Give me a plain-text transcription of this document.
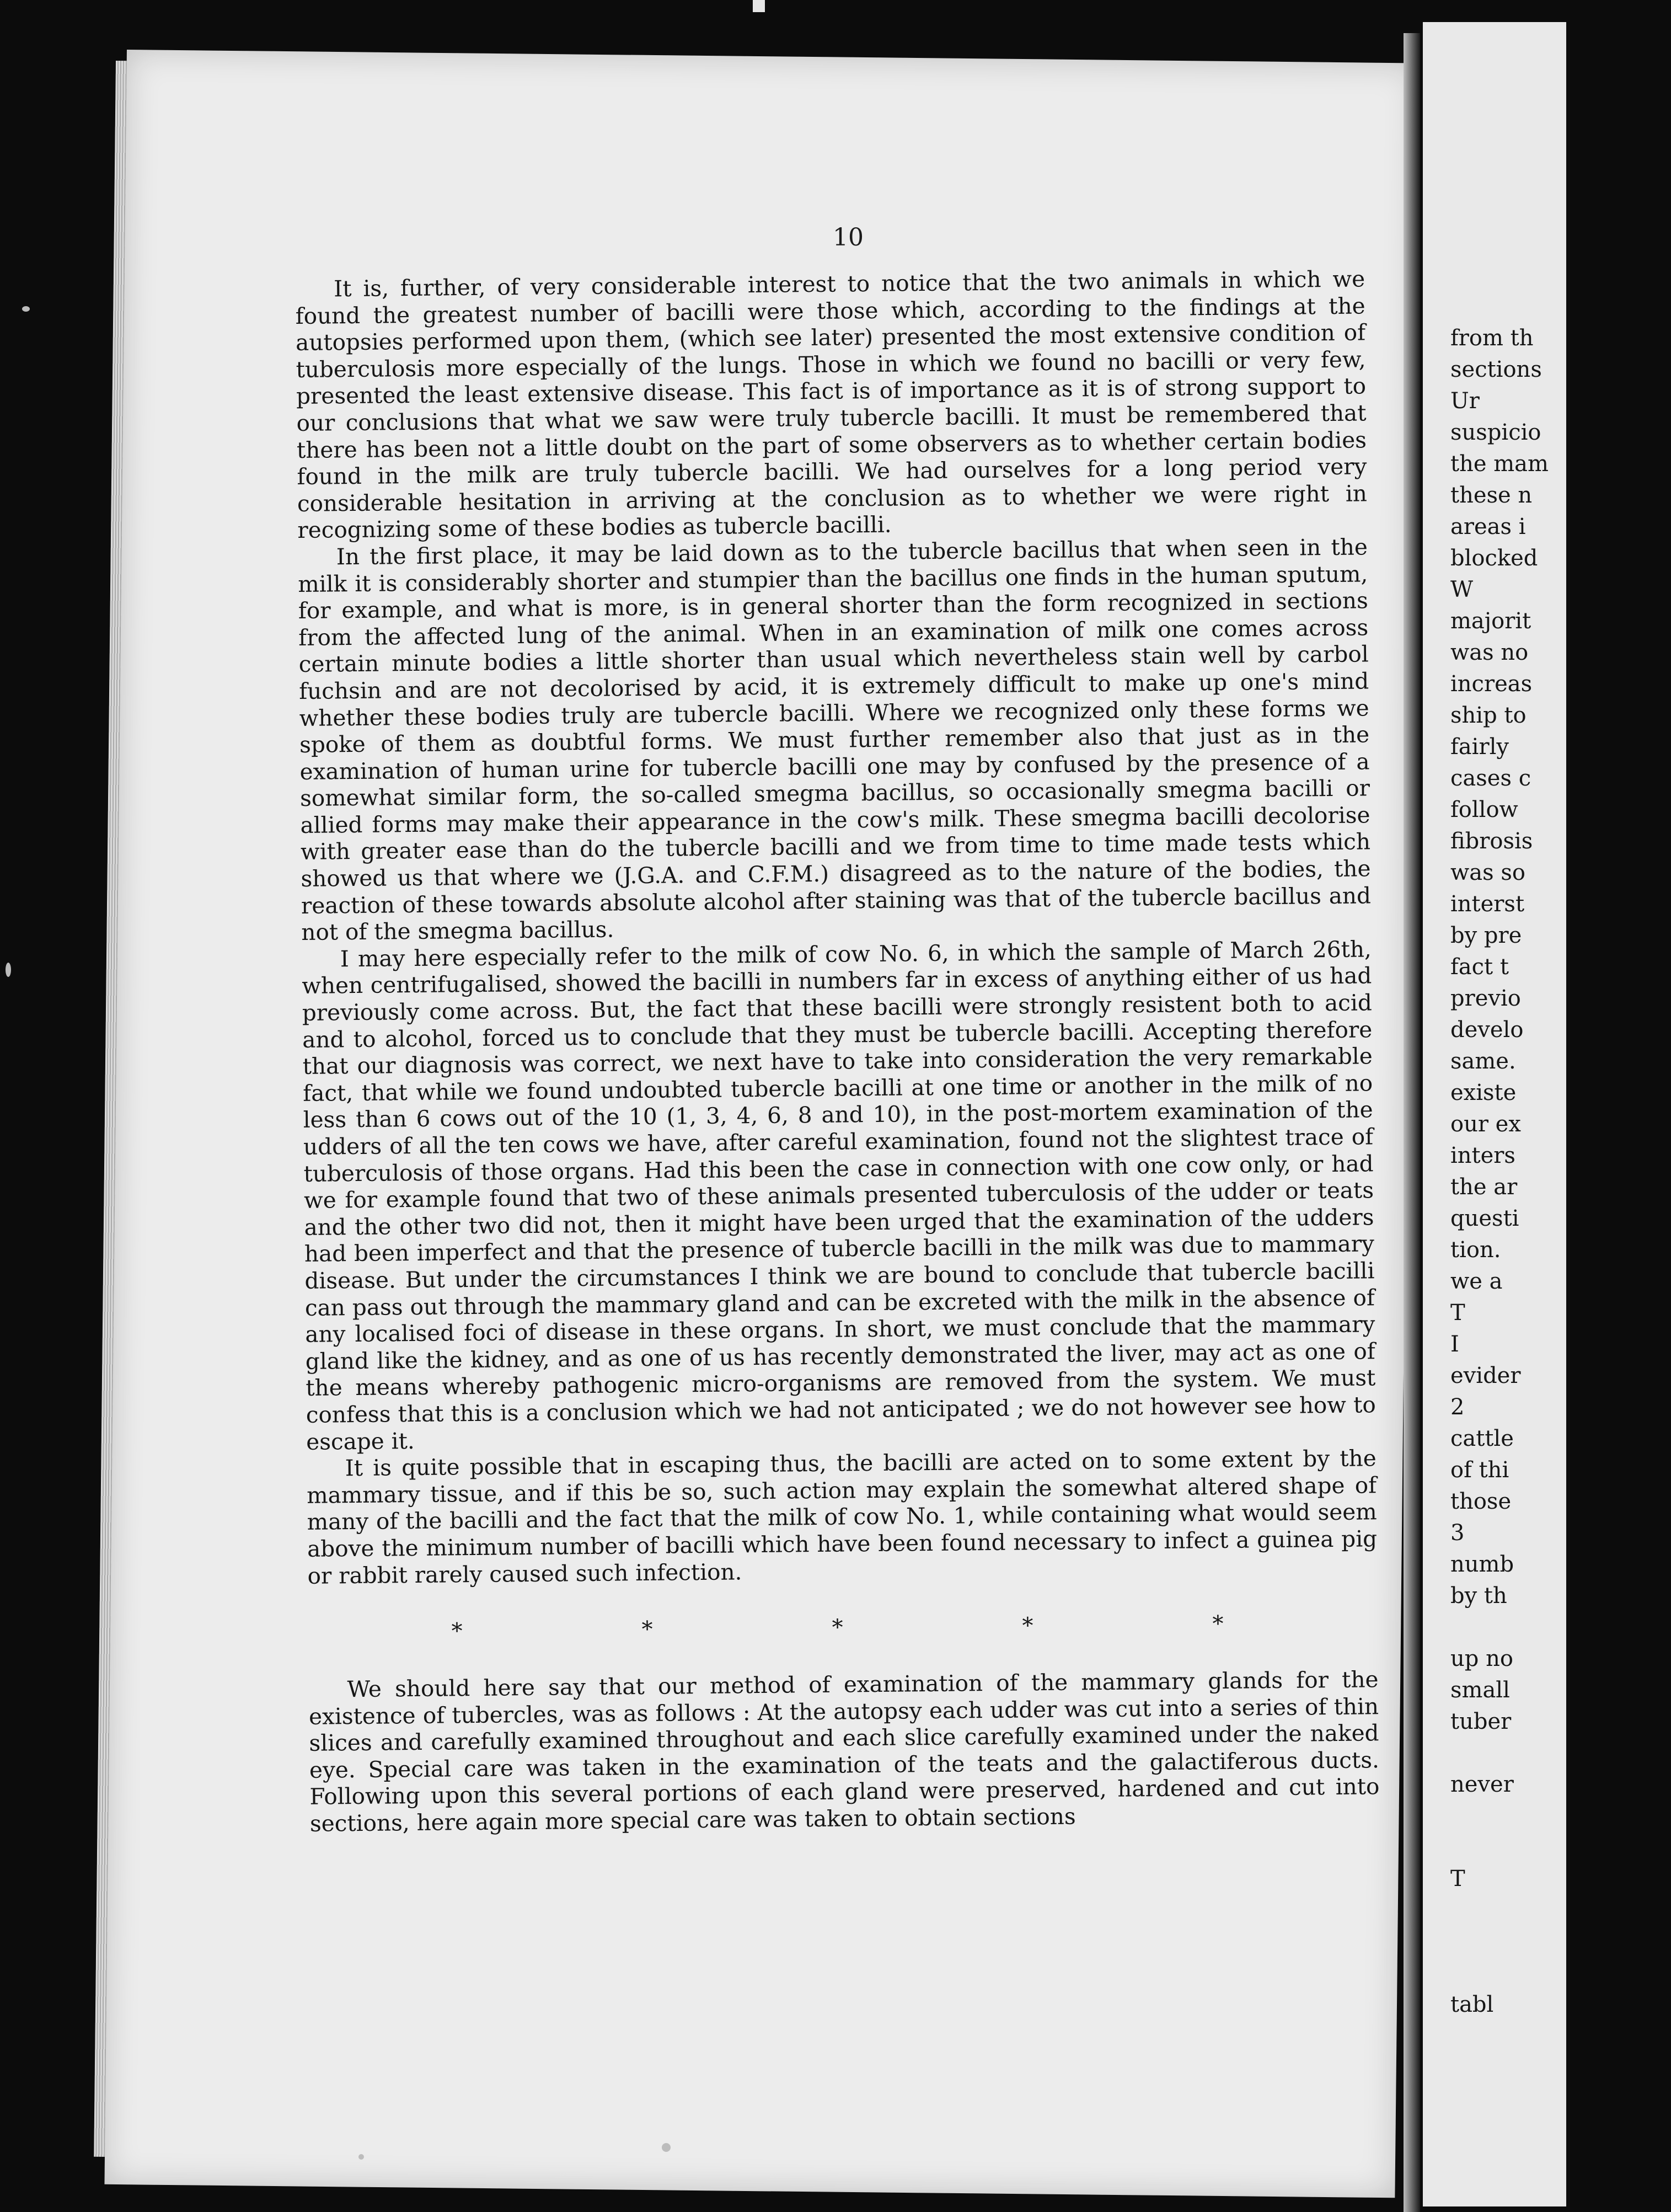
from th
sections
Ur
suspicio
the mam
these n
areas i
blocked
W
majorit
was no
increas
ship to
fairly
cases c
follow
fibrosis
was so
interst
by pre
fact t
previo
develo
same.
existe
our ex
inters
the ar
questi
tion.
we a
T
I
evider
2
cattle
of thi
those
3
numb
by th
up no
small
tuber
never
T
tabl
10

It is, further, of very considerable interest to notice that the two animals in which we found the greatest number of bacilli were those which, according to the findings at the autopsies performed upon them, (which see later) presented the most extensive condition of tuberculosis more especially of the lungs. Those in which we found no bacilli or very few, presented the least extensive disease. This fact is of importance as it is of strong support to our conclusions that what we saw were truly tubercle bacilli. It must be remembered that there has been not a little doubt on the part of some observers as to whether certain bodies found in the milk are truly tubercle bacilli. We had ourselves for a long period very considerable hesitation in arriving at the conclusion as to whether we were right in recognizing some of these bodies as tubercle bacilli.

In the first place, it may be laid down as to the tubercle bacillus that when seen in the milk it is considerably shorter and stumpier than the bacillus one finds in the human sputum, for example, and what is more, is in general shorter than the form recognized in sections from the affected lung of the animal. When in an examination of milk one comes across certain minute bodies a little shorter than usual which nevertheless stain well by carbol fuchsin and are not decolorised by acid, it is extremely difficult to make up one's mind whether these bodies truly are tubercle bacilli. Where we recognized only these forms we spoke of them as doubtful forms. We must further remember also that just as in the examination of human urine for tubercle bacilli one may by confused by the presence of a somewhat similar form, the so-called smegma bacillus, so occasionally smegma bacilli or allied forms may make their appearance in the cow's milk. These smegma bacilli decolorise with greater ease than do the tubercle bacilli and we from time to time made tests which showed us that where we (J.G.A. and C.F.M.) disagreed as to the nature of the bodies, the reaction of these towards absolute alcohol after staining was that of the tubercle bacillus and not of the smegma bacillus.

I may here especially refer to the milk of cow No. 6, in which the sample of March 26th, when centrifugalised, showed the bacilli in numbers far in excess of anything either of us had previously come across. But, the fact that these bacilli were strongly resistent both to acid and to alcohol, forced us to conclude that they must be tubercle bacilli. Accepting therefore that our diagnosis was correct, we next have to take into consideration the very remarkable fact, that while we found undoubted tubercle bacilli at one time or another in the milk of no less than 6 cows out of the 10 (1, 3, 4, 6, 8 and 10), in the post-mortem examination of the udders of all the ten cows we have, after careful examination, found not the slightest trace of tuberculosis of those organs. Had this been the case in connection with one cow only, or had we for example found that two of these animals presented tuberculosis of the udder or teats and the other two did not, then it might have been urged that the examination of the udders had been imperfect and that the presence of tubercle bacilli in the milk was due to mammary disease. But under the circumstances I think we are bound to conclude that tubercle bacilli can pass out through the mammary gland and can be excreted with the milk in the absence of any localised foci of disease in these organs. In short, we must conclude that the mammary gland like the kidney, and as one of us has recently demonstrated the liver, may act as one of the means whereby pathogenic micro-organisms are removed from the system. We must confess that this is a conclusion which we had not anticipated ; we do not however see how to escape it.

It is quite possible that in escaping thus, the bacilli are acted on to some extent by the mammary tissue, and if this be so, such action may explain the somewhat altered shape of many of the bacilli and the fact that the milk of cow No. 1, while containing what would seem above the minimum number of bacilli which have been found necessary to infect a guinea pig or rabbit rarely caused such infection.

*	*	*	*	*

We should here say that our method of examination of the mammary glands for the existence of tubercles, was as follows : At the autopsy each udder was cut into a series of thin slices and carefully examined throughout and each slice carefully examined under the naked eye. Special care was taken in the examination of the teats and the galactiferous ducts. Following upon this several portions of each gland were preserved, hardened and cut into sections, here again more special care was taken to obtain sections
